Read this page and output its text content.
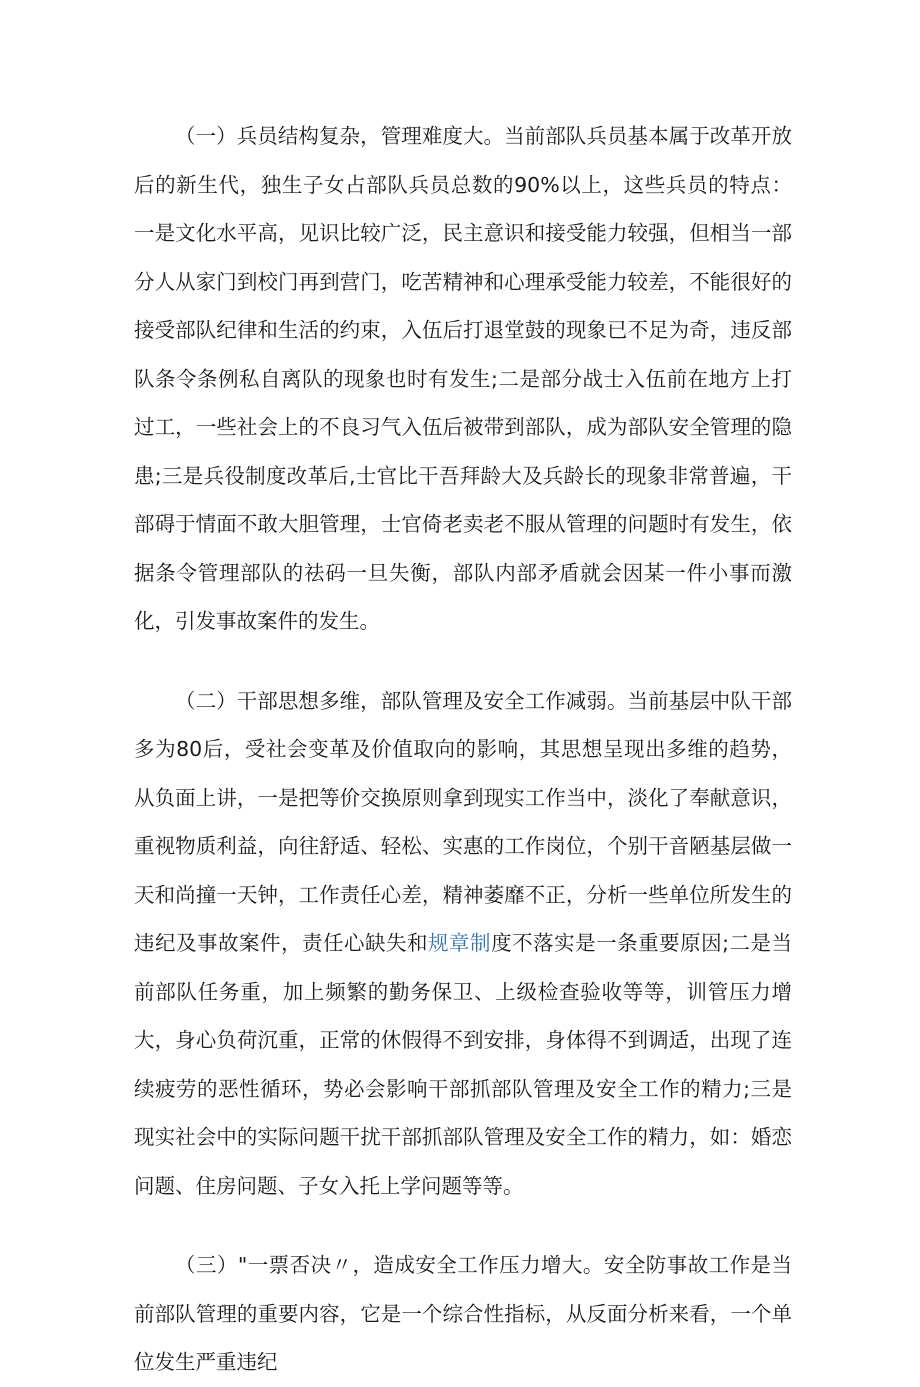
（一）兵员结构复杂，管理难度大。当前部队兵员基本属于改革开放后的新生代，独生子女占部队兵员总数的90%以上，这些兵员的特点：一是文化水平高，见识比较广泛，民主意识和接受能力较强，但相当一部分人从家门到校门再到营门，吃苦精神和心理承受能力较差，不能很好的接受部队纪律和生活的约束，入伍后打退堂鼓的现象已不足为奇，违反部队条令条例私自离队的现象也时有发生;二是部分战士入伍前在地方上打过工，一些社会上的不良习气入伍后被带到部队，成为部队安全管理的隐患;三是兵役制度改革后,士官比干吾拜龄大及兵龄长的现象非常普遍，干部碍于情面不敢大胆管理，士官倚老卖老不服从管理的问题时有发生，依据条令管理部队的祛码一旦失衡，部队内部矛盾就会因某一件小事而激化，引发事故案件的发生。

（二）干部思想多维，部队管理及安全工作减弱。当前基层中队干部多为80后，受社会变革及价值取向的影响，其思想呈现出多维的趋势，从负面上讲，一是把等价交换原则拿到现实工作当中，淡化了奉献意识，重视物质利益，向往舒适、轻松、实惠的工作岗位，个别干音陋基层做一天和尚撞一天钟，工作责任心差，精神萎靡不正，分析一些单位所发生的违纪及事故案件，责任心缺失和规章制度不落实是一条重要原因;二是当前部队任务重，加上频繁的勤务保卫、上级检查验收等等，训管压力增大，身心负荷沉重，正常的休假得不到安排，身体得不到调适，出现了连续疲劳的恶性循环，势必会影响干部抓部队管理及安全工作的精力;三是现实社会中的实际问题干扰干部抓部队管理及安全工作的精力，如：婚恋问题、住房问题、子女入托上学问题等等。

（三）"一票否决〃，造成安全工作压力增大。安全防事故工作是当前部队管理的重要内容，它是一个综合性指标，从反面分析来看，一个单位发生严重违纪
